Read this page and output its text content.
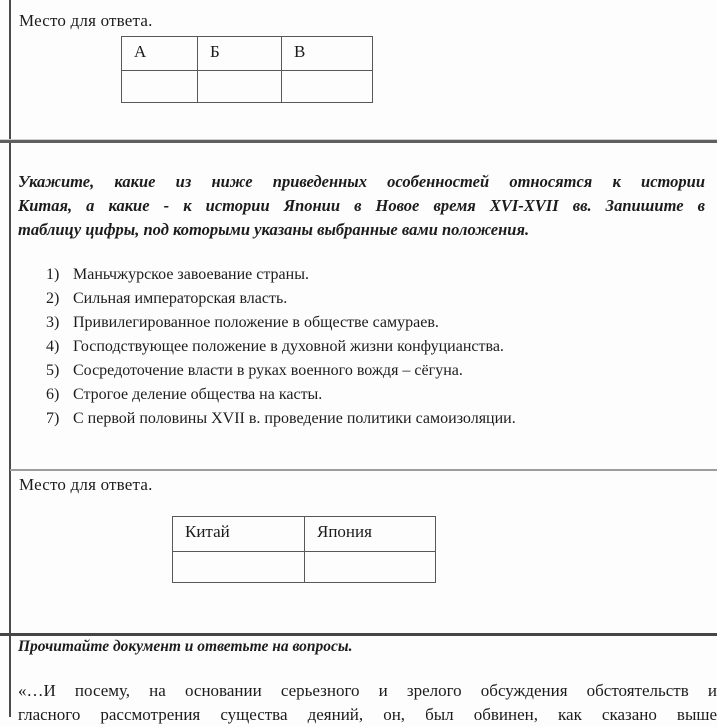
Место для ответа.
А	Б	В

Укажите, какие из ниже приведенных особенностей относятся к истории
Китая, а какие - к истории Японии в Новое время XVI-XVII вв. Запишите в
таблицу цифры, под которыми указаны выбранные вами положения.
1) Маньчжурское завоевание страны.
2) Сильная императорская власть.
3) Привилегированное положение в обществе самураев.
4) Господствующее положение в духовной жизни конфуцианства.
5) Сосредоточение власти в руках военного вождя – сёгуна.
6) Строгое деление общества на касты.
7) С первой половины XVII в. проведение политики самоизоляции.
Место для ответа.
Китай	Япония

Прочитайте документ и ответьте на вопросы.
«…И посему, на основании серьезного и зрелого обсуждения обстоятельств и
гласного рассмотрения существа деяний, он, был обвинен, как сказано выше
